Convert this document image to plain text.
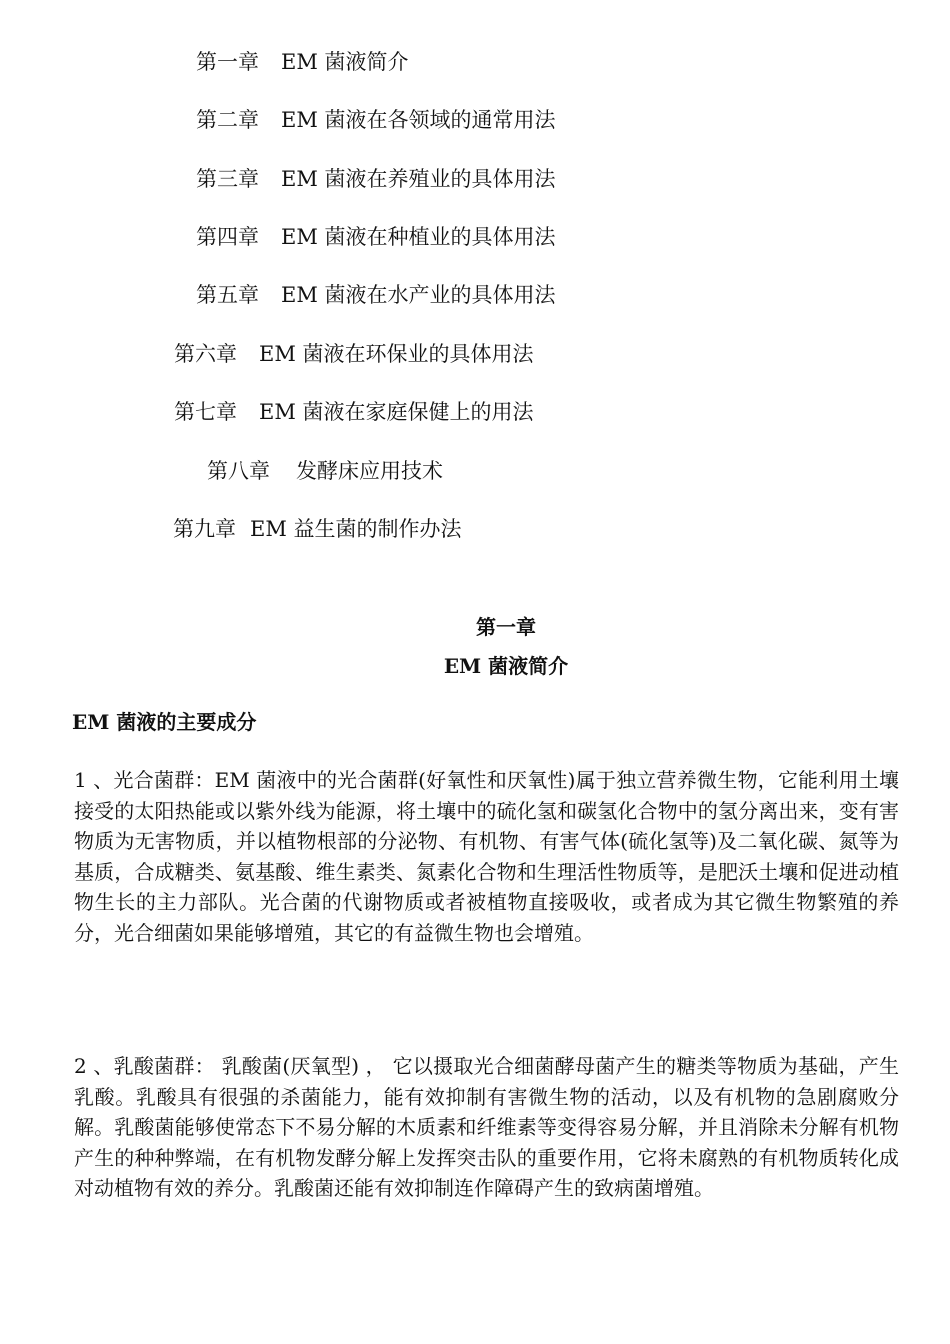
第一章 EM 菌液简介
第二章 EM 菌液在各领域的通常用法
第三章 EM 菌液在养殖业的具体用法
第四章 EM 菌液在种植业的具体用法
第五章 EM 菌液在水产业的具体用法
第六章 EM 菌液在环保业的具体用法
第七章 EM 菌液在家庭保健上的用法
第八章 发酵床应用技术
第九章 EM 益生菌的制作办法
第一章
EM 菌液简介
EM 菌液的主要成分
1 、光合菌群：EM 菌液中的光合菌群(好氧性和厌氧性)属于独立营养微生物，它能利用土壤接受的太阳热能或以紫外线为能源，将土壤中的硫化氢和碳氢化合物中的氢分离出来，变有害物质为无害物质，并以植物根部的分泌物、有机物、有害气体(硫化氢等)及二氧化碳、氮等为基质，合成糖类、氨基酸、维生素类、氮素化合物和生理活性物质等，是肥沃土壤和促进动植物生长的主力部队。光合菌的代谢物质或者被植物直接吸收，或者成为其它微生物繁殖的养分，光合细菌如果能够增殖，其它的有益微生物也会增殖。
2 、乳酸菌群： 乳酸菌(厌氧型) ， 它以摄取光合细菌酵母菌产生的糖类等物质为基础，产生乳酸。乳酸具有很强的杀菌能力，能有效抑制有害微生物的活动，以及有机物的急剧腐败分解。乳酸菌能够使常态下不易分解的木质素和纤维素等变得容易分解，并且消除未分解有机物产生的种种弊端，在有机物发酵分解上发挥突击队的重要作用，它将未腐熟的有机物质转化成对动植物有效的养分。乳酸菌还能有效抑制连作障碍产生的致病菌增殖。
